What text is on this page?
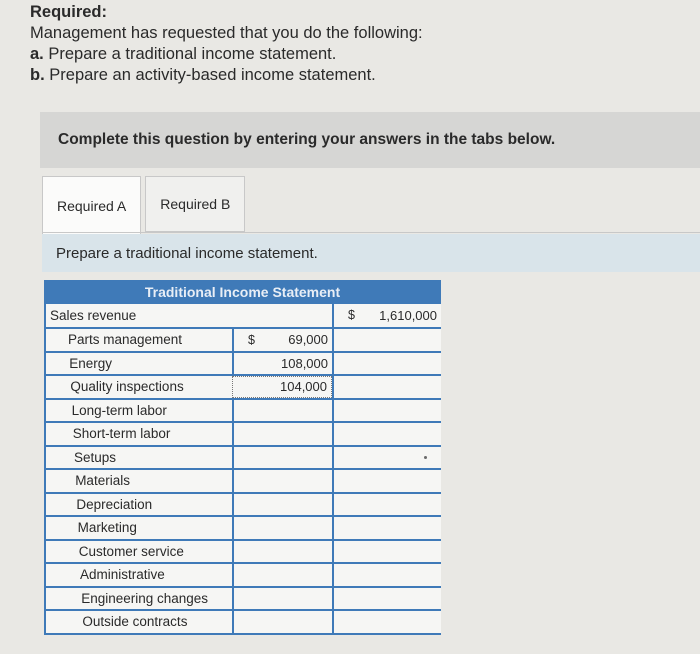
Required:
Management has requested that you do the following:
a. Prepare a traditional income statement.
b. Prepare an activity-based income statement.
Complete this question by entering your answers in the tabs below.
Required A	Required B
Prepare a traditional income statement.
Traditional Income Statement
Sales revenue	$ 1,610,000
Parts management	$	69,000
Energy	108,000
Quality inspections	104,000
Long-term labor
Short-term labor
Setups
Materials
Depreciation
Marketing
Customer service
Administrative
Engineering changes
Outside contracts
